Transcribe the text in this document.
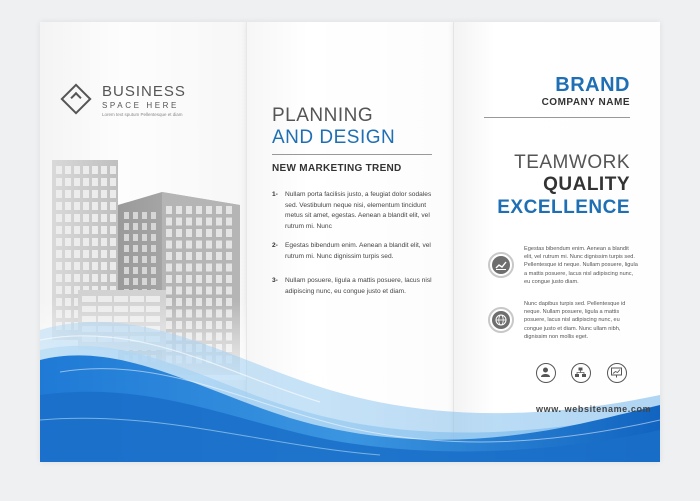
BUSINESS
SPACE HERE
Lorem text sputum Pellentesque et diam	PLANNING
AND DESIGN
NEW MARKETING TREND
1- Nullam porta facilisis justo, a feugiat dolor sodales sed. Vestibulum neque nisi, elementum tincidunt metus sit amet, egestas. Aenean a blandit elit, vel rutrum mi. Nunc
2- Egestas bibendum enim. Aenean a blandit elit, vel rutrum mi. Nunc dignissim turpis sed.
3- Nullam posuere, ligula a mattis posuere, lacus nisl adipiscing nunc, eu congue justo et diam.
BRAND
COMPANY NAME
TEAMWORK
QUALITY
EXCELLENCE
Egestas bibendum enim. Aenean a blandit elit, vel rutrum mi. Nunc dignissim turpis sed. Pellentesque id neque. Nullam posuere, ligula a mattis posuere, lacus nisl adipiscing nunc, eu congue justo diam.
Nunc dapibus turpis sed. Pellentesque id neque. Nullam posuere, ligula a mattis posuere, lacus nisl adipiscing nunc, eu congue justo et diam. Nunc ullam nibh, dignissim non mollis eget.
www. websitename.com
